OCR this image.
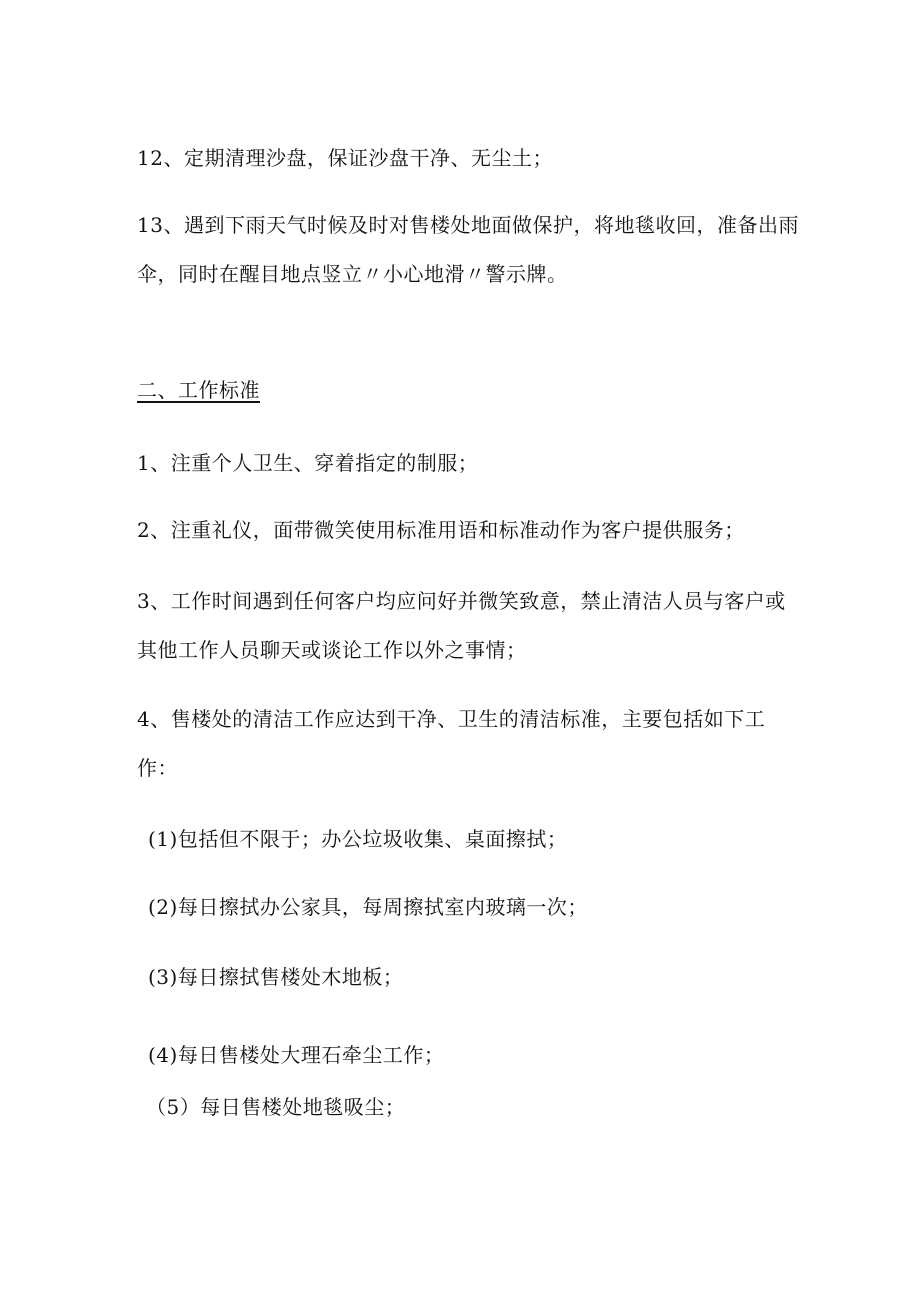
12、定期清理沙盘，保证沙盘干净、无尘土；
13、遇到下雨天气时候及时对售楼处地面做保护，将地毯收回，准备出雨
伞，同时在醒目地点竖立〃小心地滑〃警示牌。
二、工作标准
1、注重个人卫生、穿着指定的制服；
2、注重礼仪，面带微笑使用标准用语和标准动作为客户提供服务；
3、工作时间遇到任何客户均应问好并微笑致意，禁止清洁人员与客户或
其他工作人员聊天或谈论工作以外之事情；
4、售楼处的清洁工作应达到干净、卫生的清洁标准，主要包括如下工
作：
(1)包括但不限于；办公垃圾收集、桌面擦拭；
(2)每日擦拭办公家具，每周擦拭室内玻璃一次；
(3)每日擦拭售楼处木地板；
(4)每日售楼处大理石牵尘工作；
（5）每日售楼处地毯吸尘；
